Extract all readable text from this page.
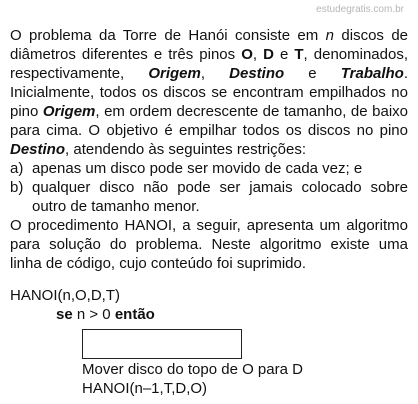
estudegratis.com.br

O problema da Torre de Hanói consiste em n discos de diâmetros diferentes e três pinos O, D e T, denominados, respectivamente, Origem, Destino e Trabalho. Inicialmente, todos os discos se encontram empilhados no pino Origem, em ordem decrescente de tamanho, de baixo para cima. O objetivo é empilhar todos os discos no pino Destino, atendendo às seguintes restrições:

a) apenas um disco pode ser movido de cada vez; e
b) qualquer disco não pode ser jamais colocado sobre outro de tamanho menor.

O procedimento HANOI, a seguir, apresenta um algoritmo para solução do problema. Neste algoritmo existe uma linha de código, cujo conteúdo foi suprimido.

HANOI(n,O,D,T)
se n > 0 então
Mover disco do topo de O para D
HANOI(n–1,T,D,O)
